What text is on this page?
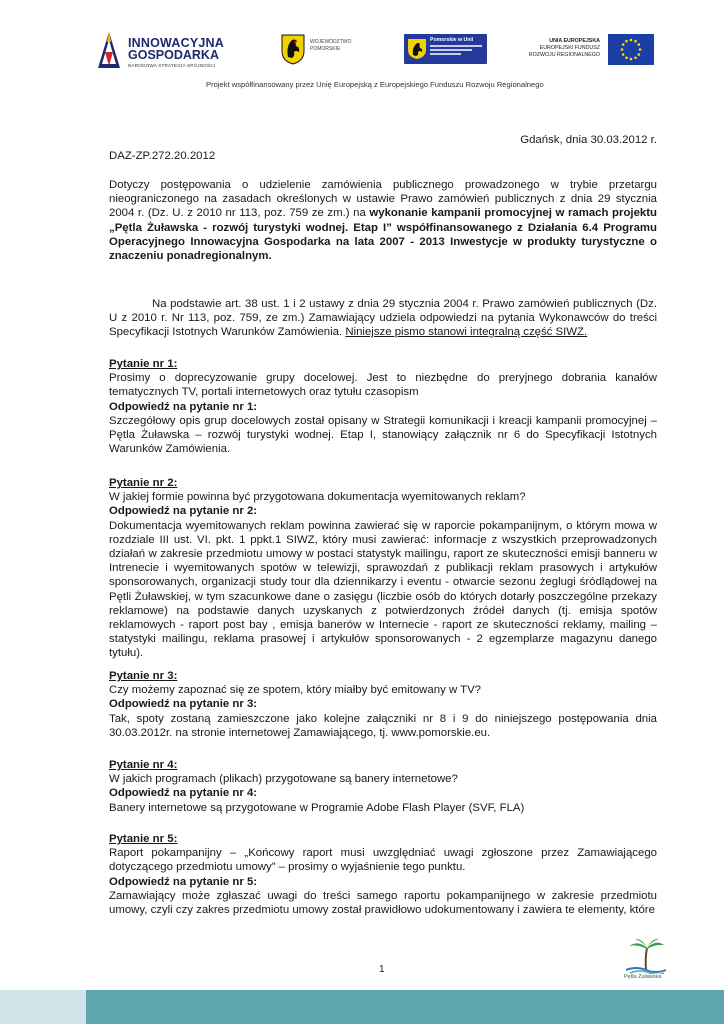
INNOWACYJNA
GOSPODARKA
NARODOWA STRATEGIA SPÓJNOŚCI
WOJEWÓDZTWO
POMORSKIE
Pomorskie w Unii	UNIA EUROPEJSKA
EUROPEJSKI FUNDUSZ
ROZWOJU REGIONALNEGO
Projekt współfinansowany przez Unię Europejską z Europejskiego Funduszu Rozwoju Regionalnego
Gdańsk, dnia 30.03.2012 r.
DAZ-ZP.272.20.2012

Dotyczy postępowania o udzielenie zamówienia publicznego prowadzonego w trybie przetargu nieograniczonego na zasadach określonych w ustawie Prawo zamówień publicznych z dnia 29 stycznia 2004 r. (Dz. U. z 2010 nr 113, poz. 759 ze zm.) na wykonanie kampanii promocyjnej w ramach projektu „Pętla Żuławska - rozwój turystyki wodnej. Etap I” współfinansowanego z Działania 6.4 Programu Operacyjnego Innowacyjna Gospodarka na lata 2007 - 2013 Inwestycje w produkty turystyczne o znaczeniu ponadregionalnym.

Na podstawie art. 38 ust. 1 i 2 ustawy z dnia 29 stycznia 2004 r. Prawo zamówień publicznych (Dz. U z 2010 r. Nr 113, poz. 759, ze zm.) Zamawiający udziela odpowiedzi na pytania Wykonawców do treści Specyfikacji Istotnych Warunków Zamówienia. Niniejsze pismo stanowi integralną część SIWZ.

Pytanie nr 1:

Prosimy o doprecyzowanie grupy docelowej. Jest to niezbędne do preryjnego dobrania kanałów tematycznych TV, portali internetowych oraz tytułu czasopism

Odpowiedź na pytanie nr 1:

Szczegółowy opis grup docelowych został opisany w Strategii komunikacji i kreacji kampanii promocyjnej – Pętla Żuławska – rozwój turystyki wodnej. Etap I, stanowiący załącznik nr 6 do Specyfikacji Istotnych Warunków Zamówienia.

Pytanie nr 2:

W jakiej formie powinna być przygotowana dokumentacja wyemitowanych reklam?

Odpowiedź na pytanie nr 2:

Dokumentacja wyemitowanych reklam powinna zawierać się w raporcie pokampanijnym, o którym mowa w rozdziale III ust. VI. pkt. 1 ppkt.1 SIWZ, który musi zawierać: informacje z wszystkich przeprowadzonych działań w zakresie przedmiotu umowy w postaci statystyk mailingu, raport ze skuteczności emisji banneru w Intrenecie i wyemitowanych spotów w telewizji, sprawozdań z publikacji reklam prasowych i artykułów sponsorowanych, organizacji study tour dla dziennikarzy i eventu - otwarcie sezonu żeglugi śródlądowej na Pętli Żuławskiej, w tym szacunkowe dane o zasięgu (liczbie osób do których dotarły poszczególne przekazy reklamowe) na podstawie danych uzyskanych z potwierdzonych źródeł danych (tj. emisja spotów reklamowych - raport post bay , emisja banerów w Internecie - raport ze skuteczności reklamy, mailing – statystyki mailingu, reklama prasowej i artykułów sponsorowanych - 2 egzemplarze magazynu danego tytułu).

Pytanie nr 3:

Czy możemy zapoznać się ze spotem, który miałby być emitowany w TV?

Odpowiedź na pytanie nr 3:

Tak, spoty zostaną zamieszczone jako kolejne załączniki nr 8 i 9 do niniejszego postępowania dnia 30.03.2012r. na stronie internetowej Zamawiającego, tj. www.pomorskie.eu.

Pytanie nr 4:

W jakich programach (plikach) przygotowane są banery internetowe?

Odpowiedź na pytanie nr 4:

Banery internetowe są przygotowane w Programie Adobe Flash Player (SVF, FLA)

Pytanie nr 5:

Raport pokampanijny – „Końcowy raport musi uwzględniać uwagi zgłoszone przez Zamawiającego dotyczącego przedmiotu umowy” – prosimy o wyjaśnienie tego punktu.

Odpowiedź na pytanie nr 5:

Zamawiający może zgłaszać uwagi do treści samego raportu pokampanijnego w zakresie przedmiotu umowy, czyli czy zakres przedmiotu umowy został prawidłowo udokumentowany i zawiera te elementy, które

1
Pętla Żuławska
